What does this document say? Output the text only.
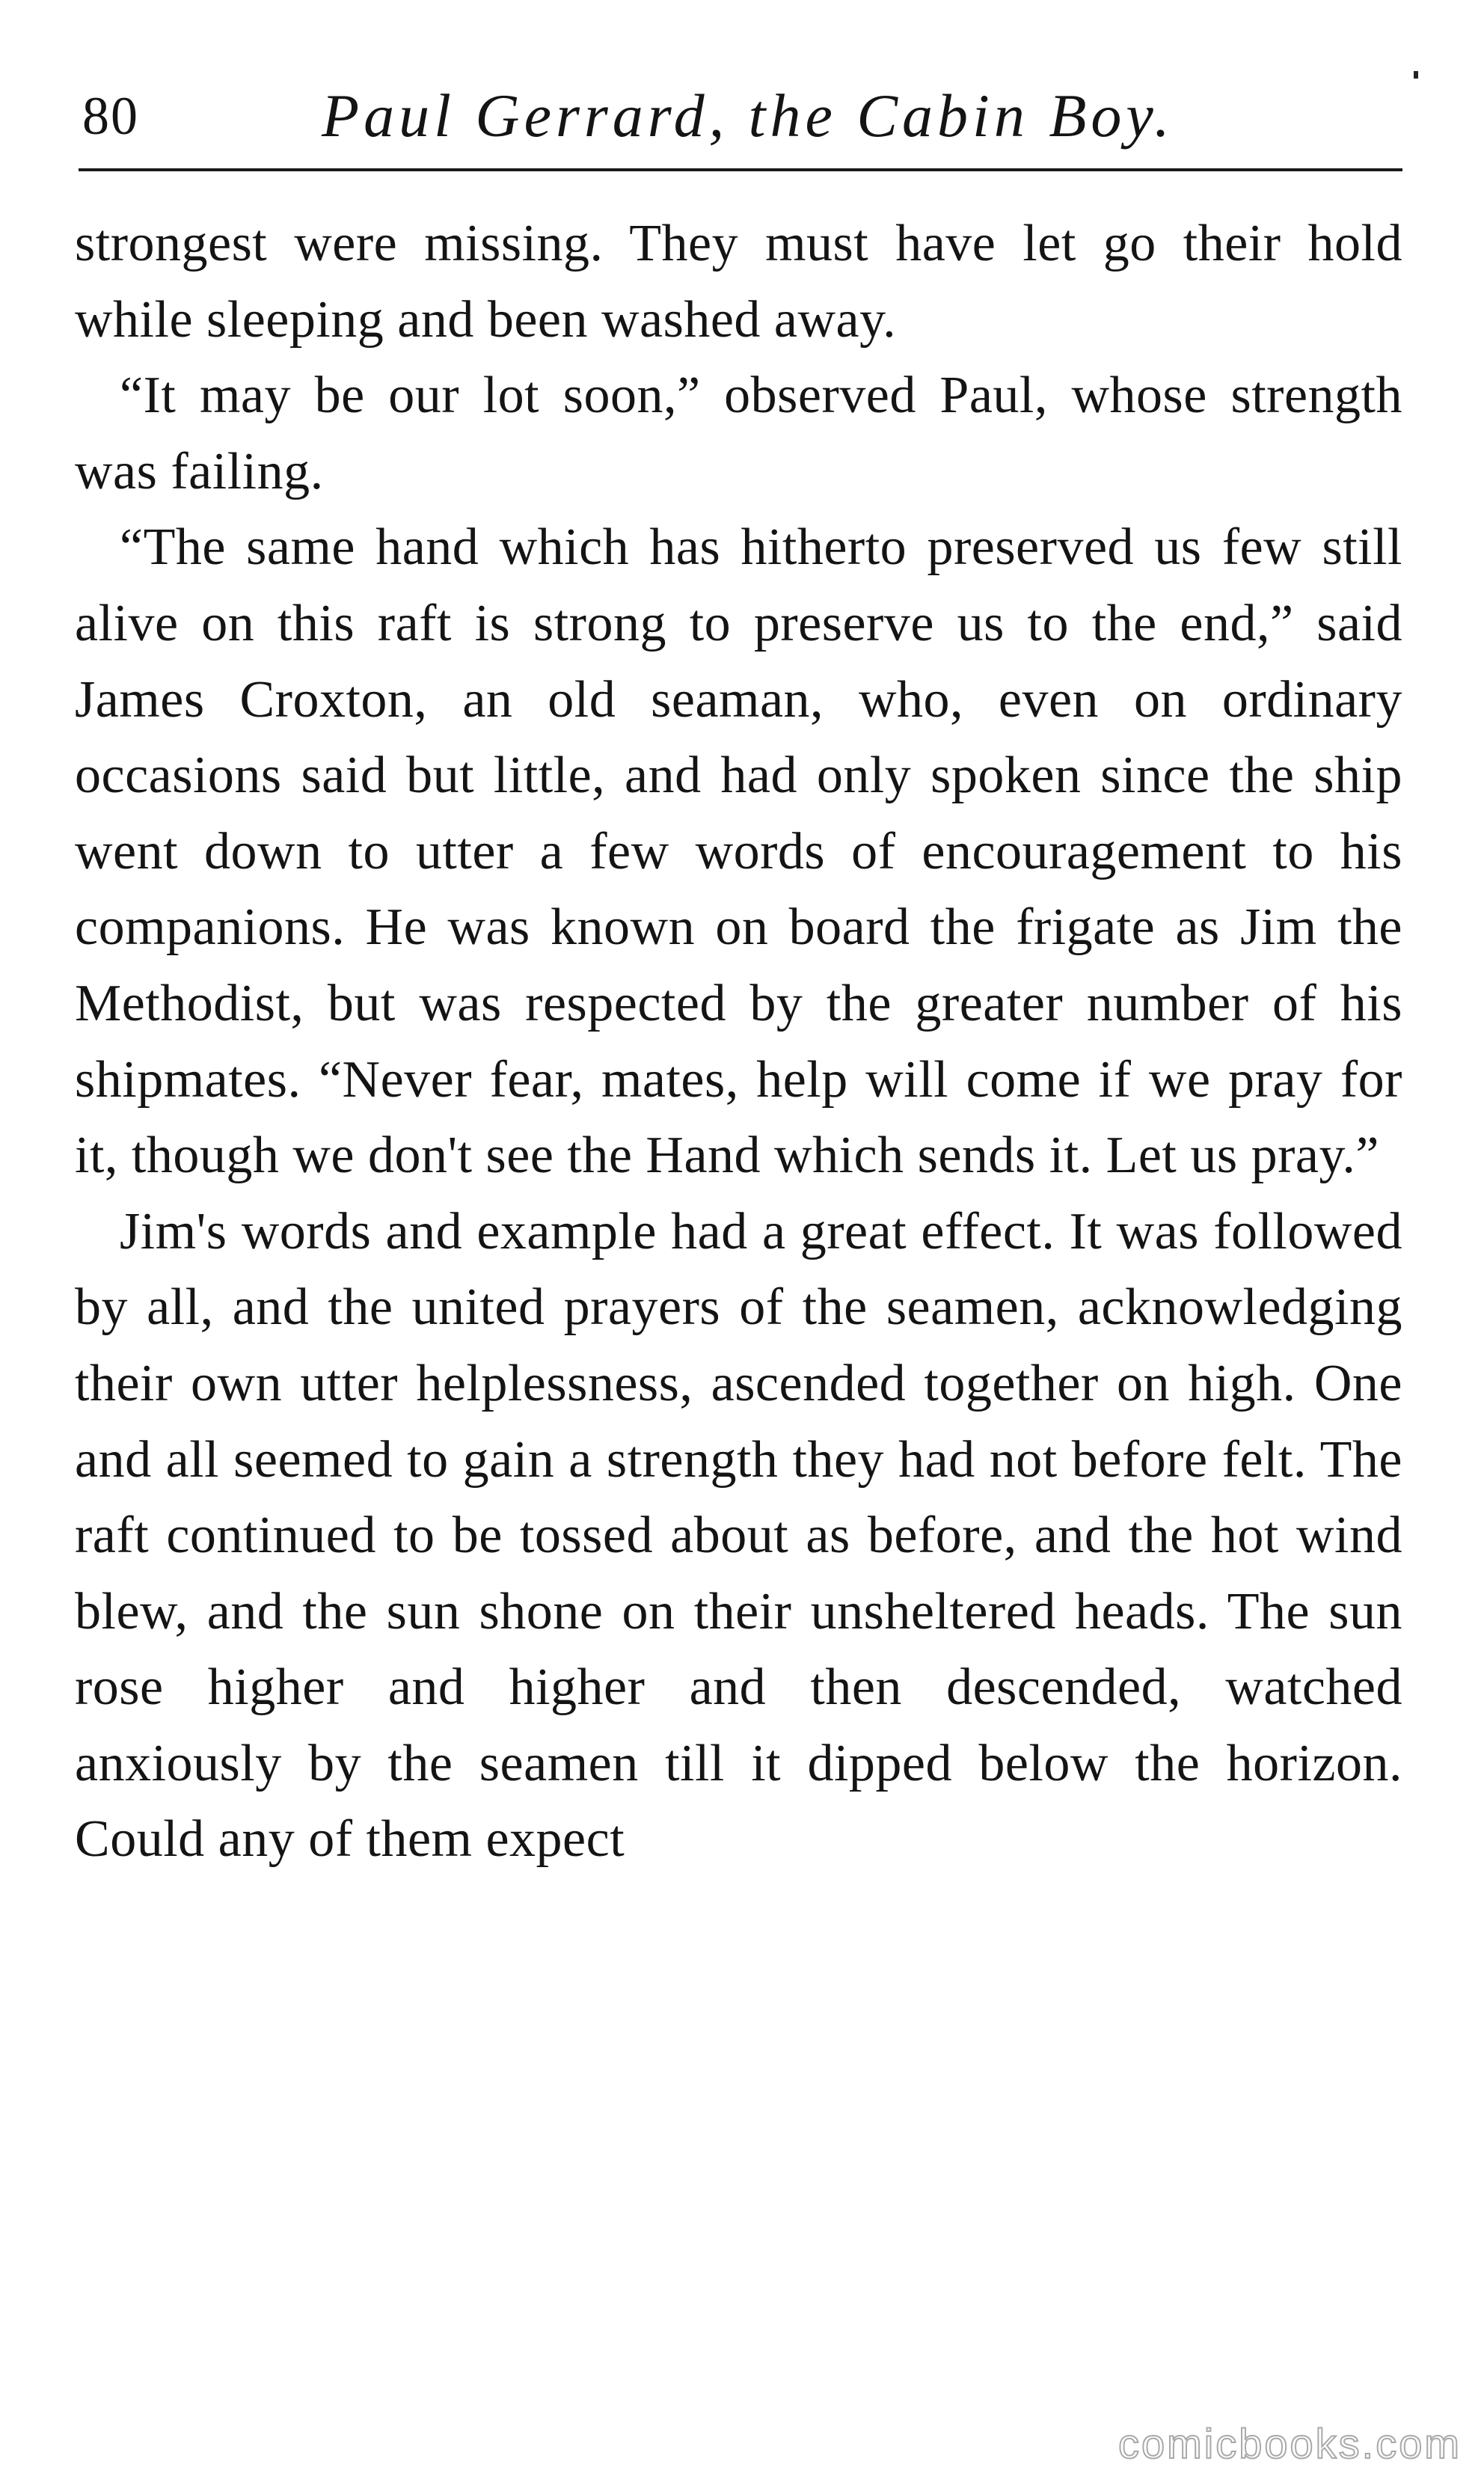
80	Paul Gerrard, the Cabin Boy.

strongest were missing. They must have let go their hold while sleeping and been washed away.

“It may be our lot soon,” observed Paul, whose strength was failing.

“The same hand which has hitherto preserved us few still alive on this raft is strong to preserve us to the end,” said James Croxton, an old seaman, who, even on ordinary occasions said but little, and had only spoken since the ship went down to utter a few words of encouragement to his companions. He was known on board the frigate as Jim the Methodist, but was respected by the greater number of his shipmates. “Never fear, mates, help will come if we pray for it, though we don't see the Hand which sends it. Let us pray.”

Jim's words and example had a great effect. It was followed by all, and the united prayers of the seamen, acknowledging their own utter helplessness, ascended together on high. One and all seemed to gain a strength they had not before felt. The raft continued to be tossed about as before, and the hot wind blew, and the sun shone on their unsheltered heads. The sun rose higher and higher and then descended, watched anxiously by the seamen till it dipped below the horizon. Could any of them expect

comicbooks.com
